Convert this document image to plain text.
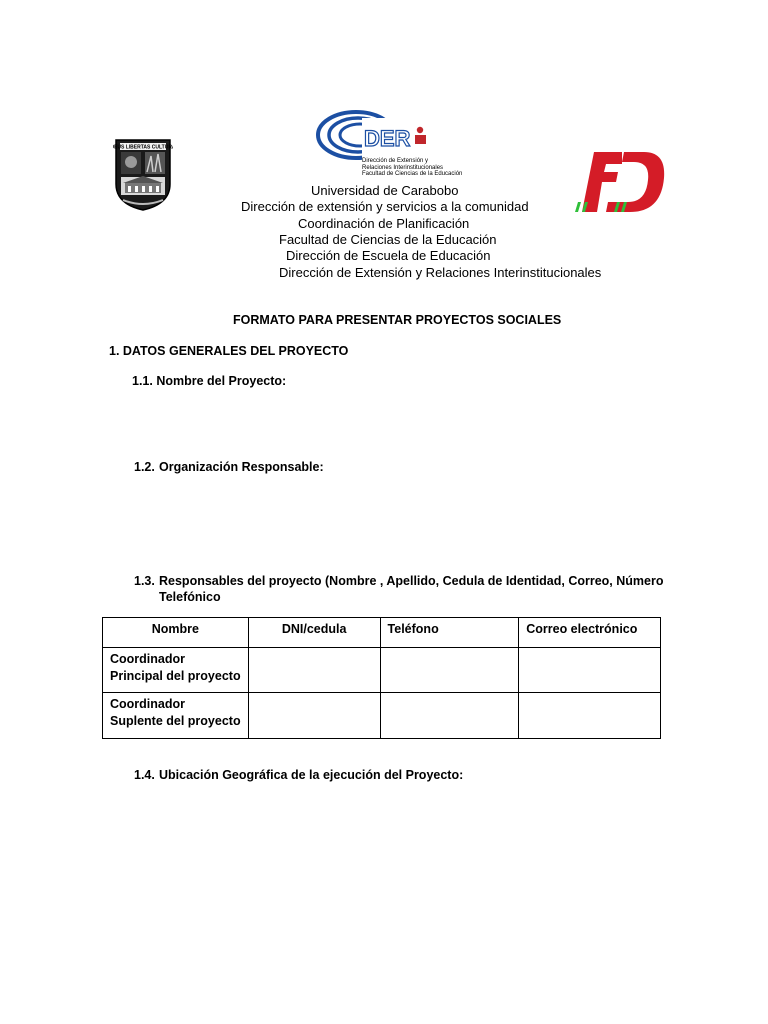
DEUS LIBERTAS CULTURA	DER
Dirección de Extensión y
Relaciones Interinstitucionales
Facultad de Ciencias de la Educación
Universidad de Carabobo
Dirección de extensión y servicios a la comunidad
Coordinación de Planificación
Facultad de Ciencias de la Educación
Dirección de Escuela de Educación
Dirección de Extensión y Relaciones Interinstitucionales
FORMATO PARA PRESENTAR PROYECTOS SOCIALES
1. DATOS GENERALES DEL PROYECTO
1.1. Nombre del Proyecto:
1.2. Organización Responsable:
1.3. Responsables del proyecto (Nombre , Apellido, Cedula de Identidad, Correo, Número
Telefónico
Nombre	DNI/cedula	Teléfono	Correo electrónico
Coordinador Principal del proyecto			
Coordinador Suplente del proyecto			
1.4. Ubicación Geográfica de la ejecución del Proyecto:
